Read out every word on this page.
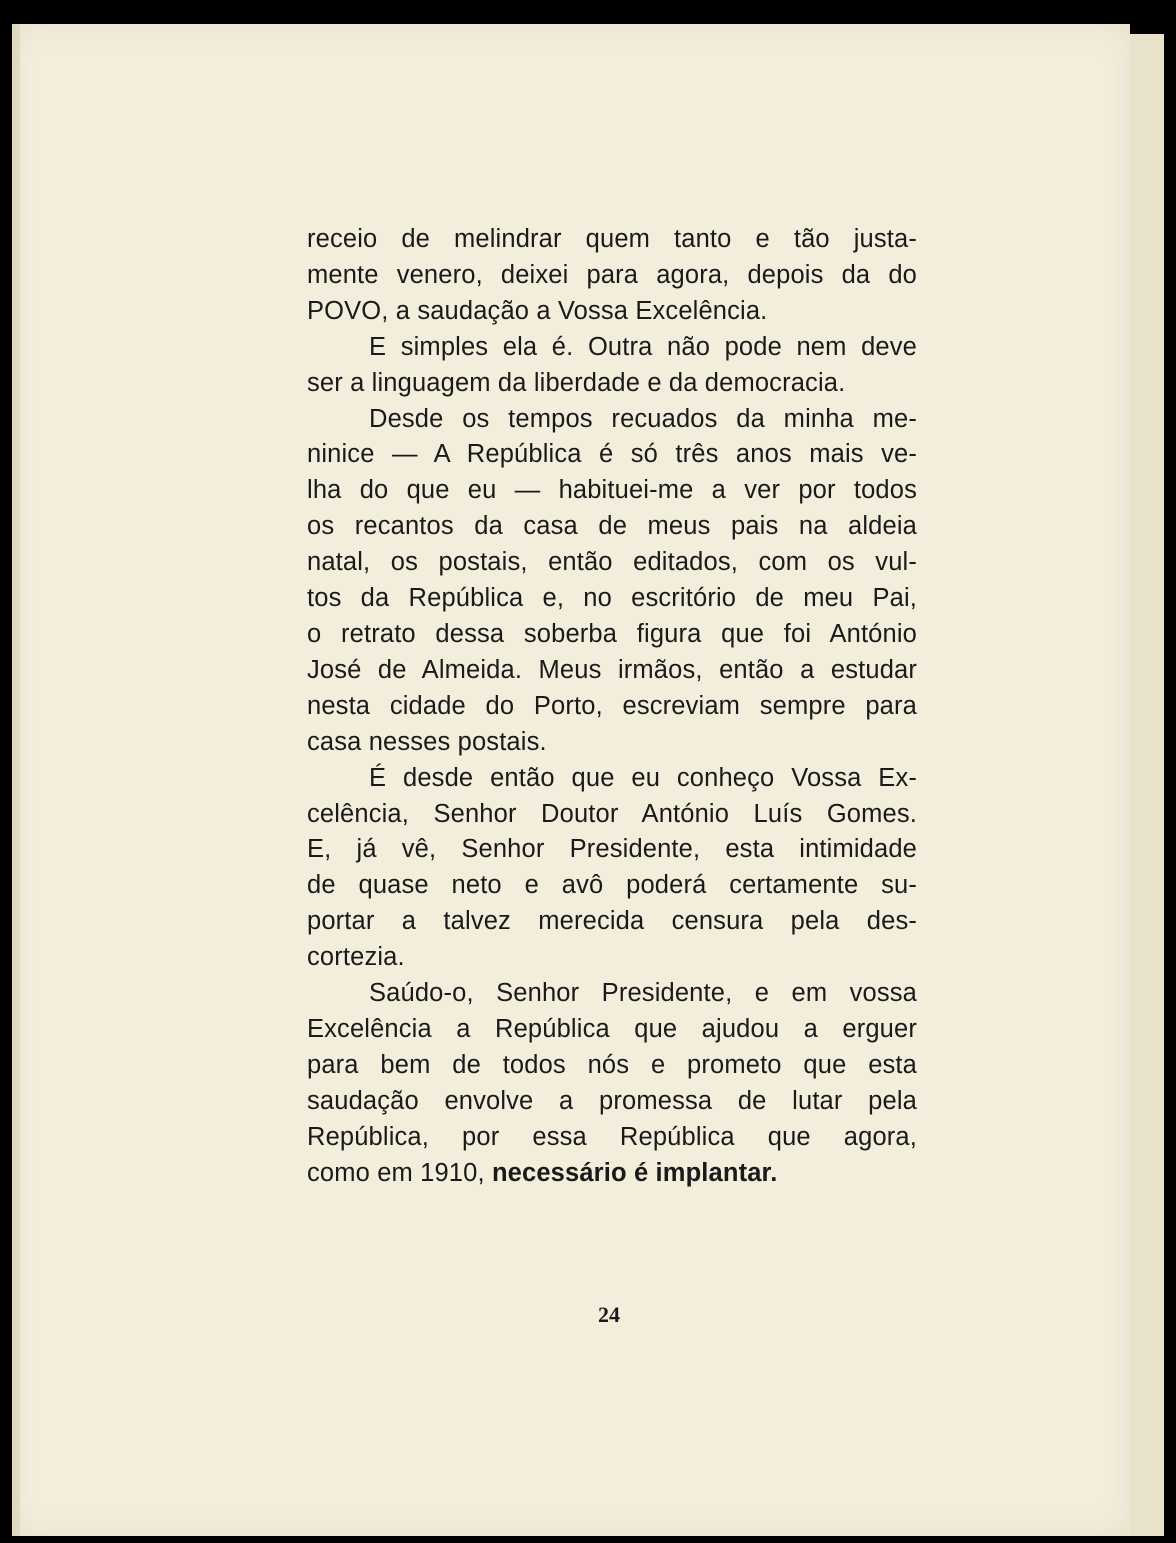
receio de melindrar quem tanto e tão justa-
mente venero, deixei para agora, depois da do
POVO, a saudação a Vossa Excelência.
E simples ela é. Outra não pode nem deve
ser a linguagem da liberdade e da democracia.
Desde os tempos recuados da minha me-
ninice — A República é só três anos mais ve-
lha do que eu — habituei-me a ver por todos
os recantos da casa de meus pais na aldeia
natal, os postais, então editados, com os vul-
tos da República e, no escritório de meu Pai,
o retrato dessa soberba figura que foi António
José de Almeida. Meus irmãos, então a estudar
nesta cidade do Porto, escreviam sempre para
casa nesses postais.
É desde então que eu conheço Vossa Ex-
celência, Senhor Doutor António Luís Gomes.
E, já vê, Senhor Presidente, esta intimidade
de quase neto e avô poderá certamente su-
portar a talvez merecida censura pela des-
cortezia.
Saúdo-o, Senhor Presidente, e em vossa
Excelência a República que ajudou a erguer
para bem de todos nós e prometo que esta
saudação envolve a promessa de lutar pela
República, por essa República que agora,
como em 1910, necessário é implantar.
24
